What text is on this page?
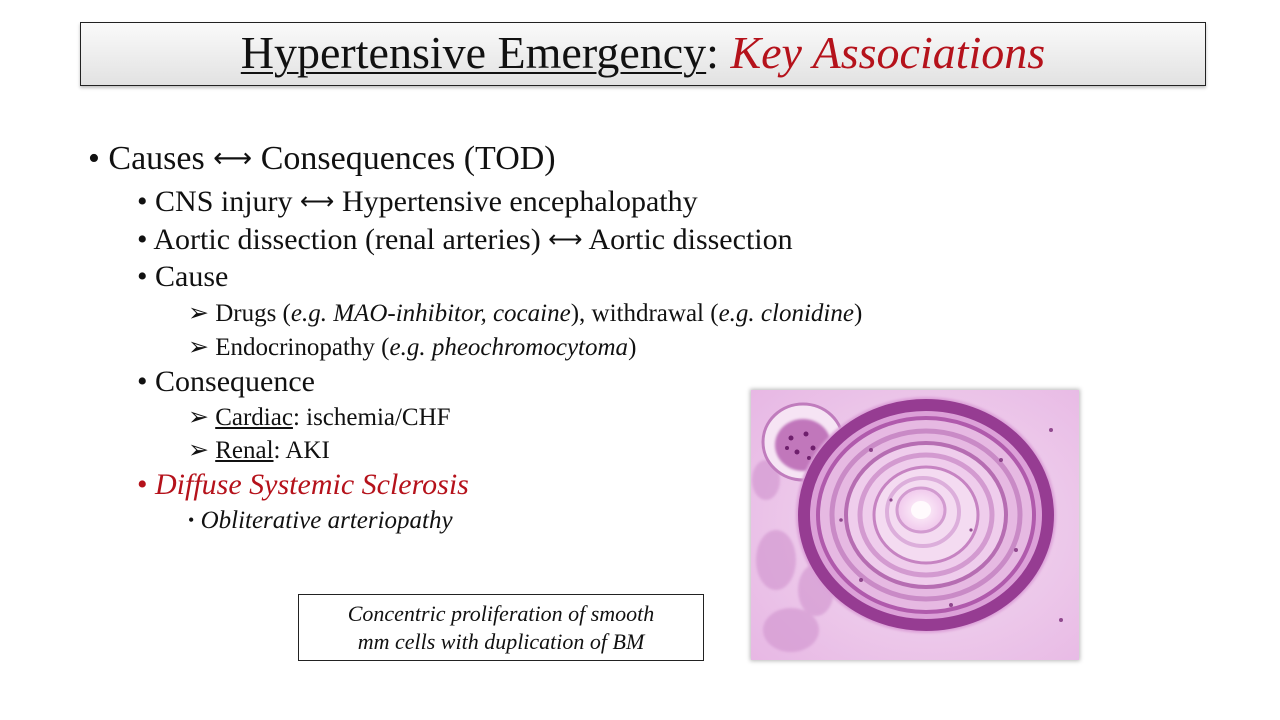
Hypertensive Emergency: Key Associations
• Causes ⟷ Consequences (TOD)
• CNS injury ⟷ Hypertensive encephalopathy
• Aortic dissection (renal arteries) ⟷ Aortic dissection
• Cause
➢ Drugs (e.g. MAO-inhibitor, cocaine), withdrawal (e.g. clonidine)
➢ Endocrinopathy (e.g. pheochromocytoma)
• Consequence
➢ Cardiac: ischemia/CHF
➢ Renal: AKI
• Diffuse Systemic Sclerosis
• Obliterative arteriopathy
Concentric proliferation of smooth
mm cells with duplication of BM
